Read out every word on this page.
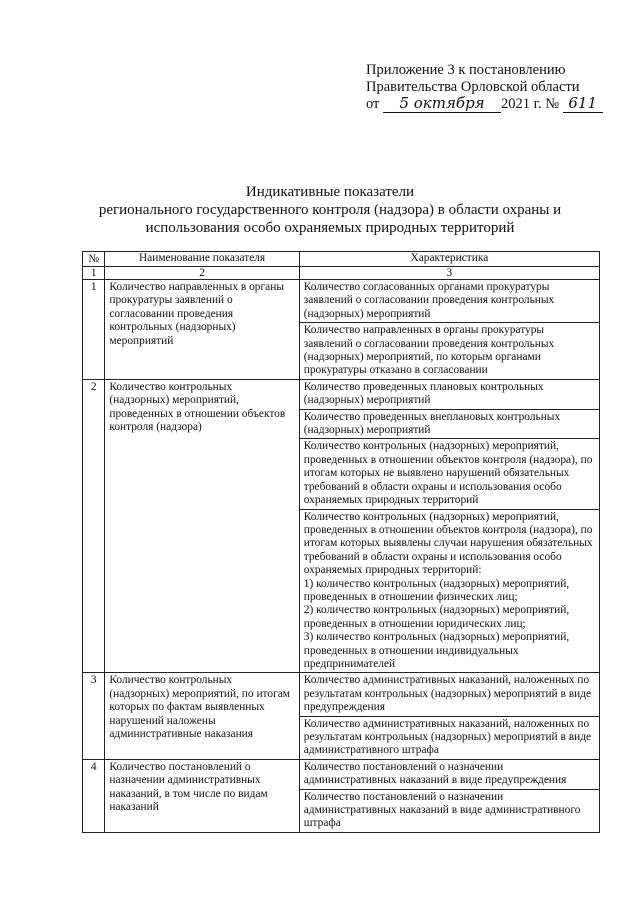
Приложение 3 к постановлению
Правительства Орловской области
от 5 октября 2021 г. № 611
Индикативные показатели
регионального государственного контроля (надзора) в области охраны и
использования особо охраняемых природных территорий
№	Наименование показателя	Характеристика
1	2	3
1	Количество направленных в органы прокуратуры заявлений о согласовании проведения контрольных (надзорных) мероприятий	Количество согласованных органами прокуратуры заявлений о согласовании проведения контрольных (надзорных) мероприятий
		Количество направленных в органы прокуратуры заявлений о согласовании проведения контрольных (надзорных) мероприятий, по которым органами прокуратуры отказано в согласовании
2	Количество контрольных (надзорных) мероприятий, проведенных в отношении объектов контроля (надзора)	Количество проведенных плановых контрольных (надзорных) мероприятий
		Количество проведенных внеплановых контрольных (надзорных) мероприятий
		Количество контрольных (надзорных) мероприятий, проведенных в отношении объектов контроля (надзора), по итогам которых не выявлено нарушений обязательных требований в области охраны и использования особо охраняемых природных территорий

		Количество контрольных (надзорных) мероприятий, проведенных в отношении объектов контроля (надзора), по итогам которых выявлены случаи нарушения обязательных требований в области охраны и использования особо охраняемых природных территорий:
1) количество контрольных (надзорных) мероприятий, проведенных в отношении физических лиц;
2) количество контрольных (надзорных) мероприятий, проведенных в отношении юридических лиц;
3) количество контрольных (надзорных) мероприятий, проведенных в отношении индивидуальных предпринимателей

3	Количество контрольных (надзорных) мероприятий, по итогам которых по фактам выявленных нарушений наложены административные наказания	Количество административных наказаний, наложенных по результатам контрольных (надзорных) мероприятий в виде предупреждения
		Количество административных наказаний, наложенных по результатам контрольных (надзорных) мероприятий в виде административного штрафа
4	Количество постановлений о назначении административных наказаний, в том числе по видам наказаний	Количество постановлений о назначении административных наказаний в виде предупреждения
		Количество постановлений о назначении административных наказаний в виде административного штрафа
